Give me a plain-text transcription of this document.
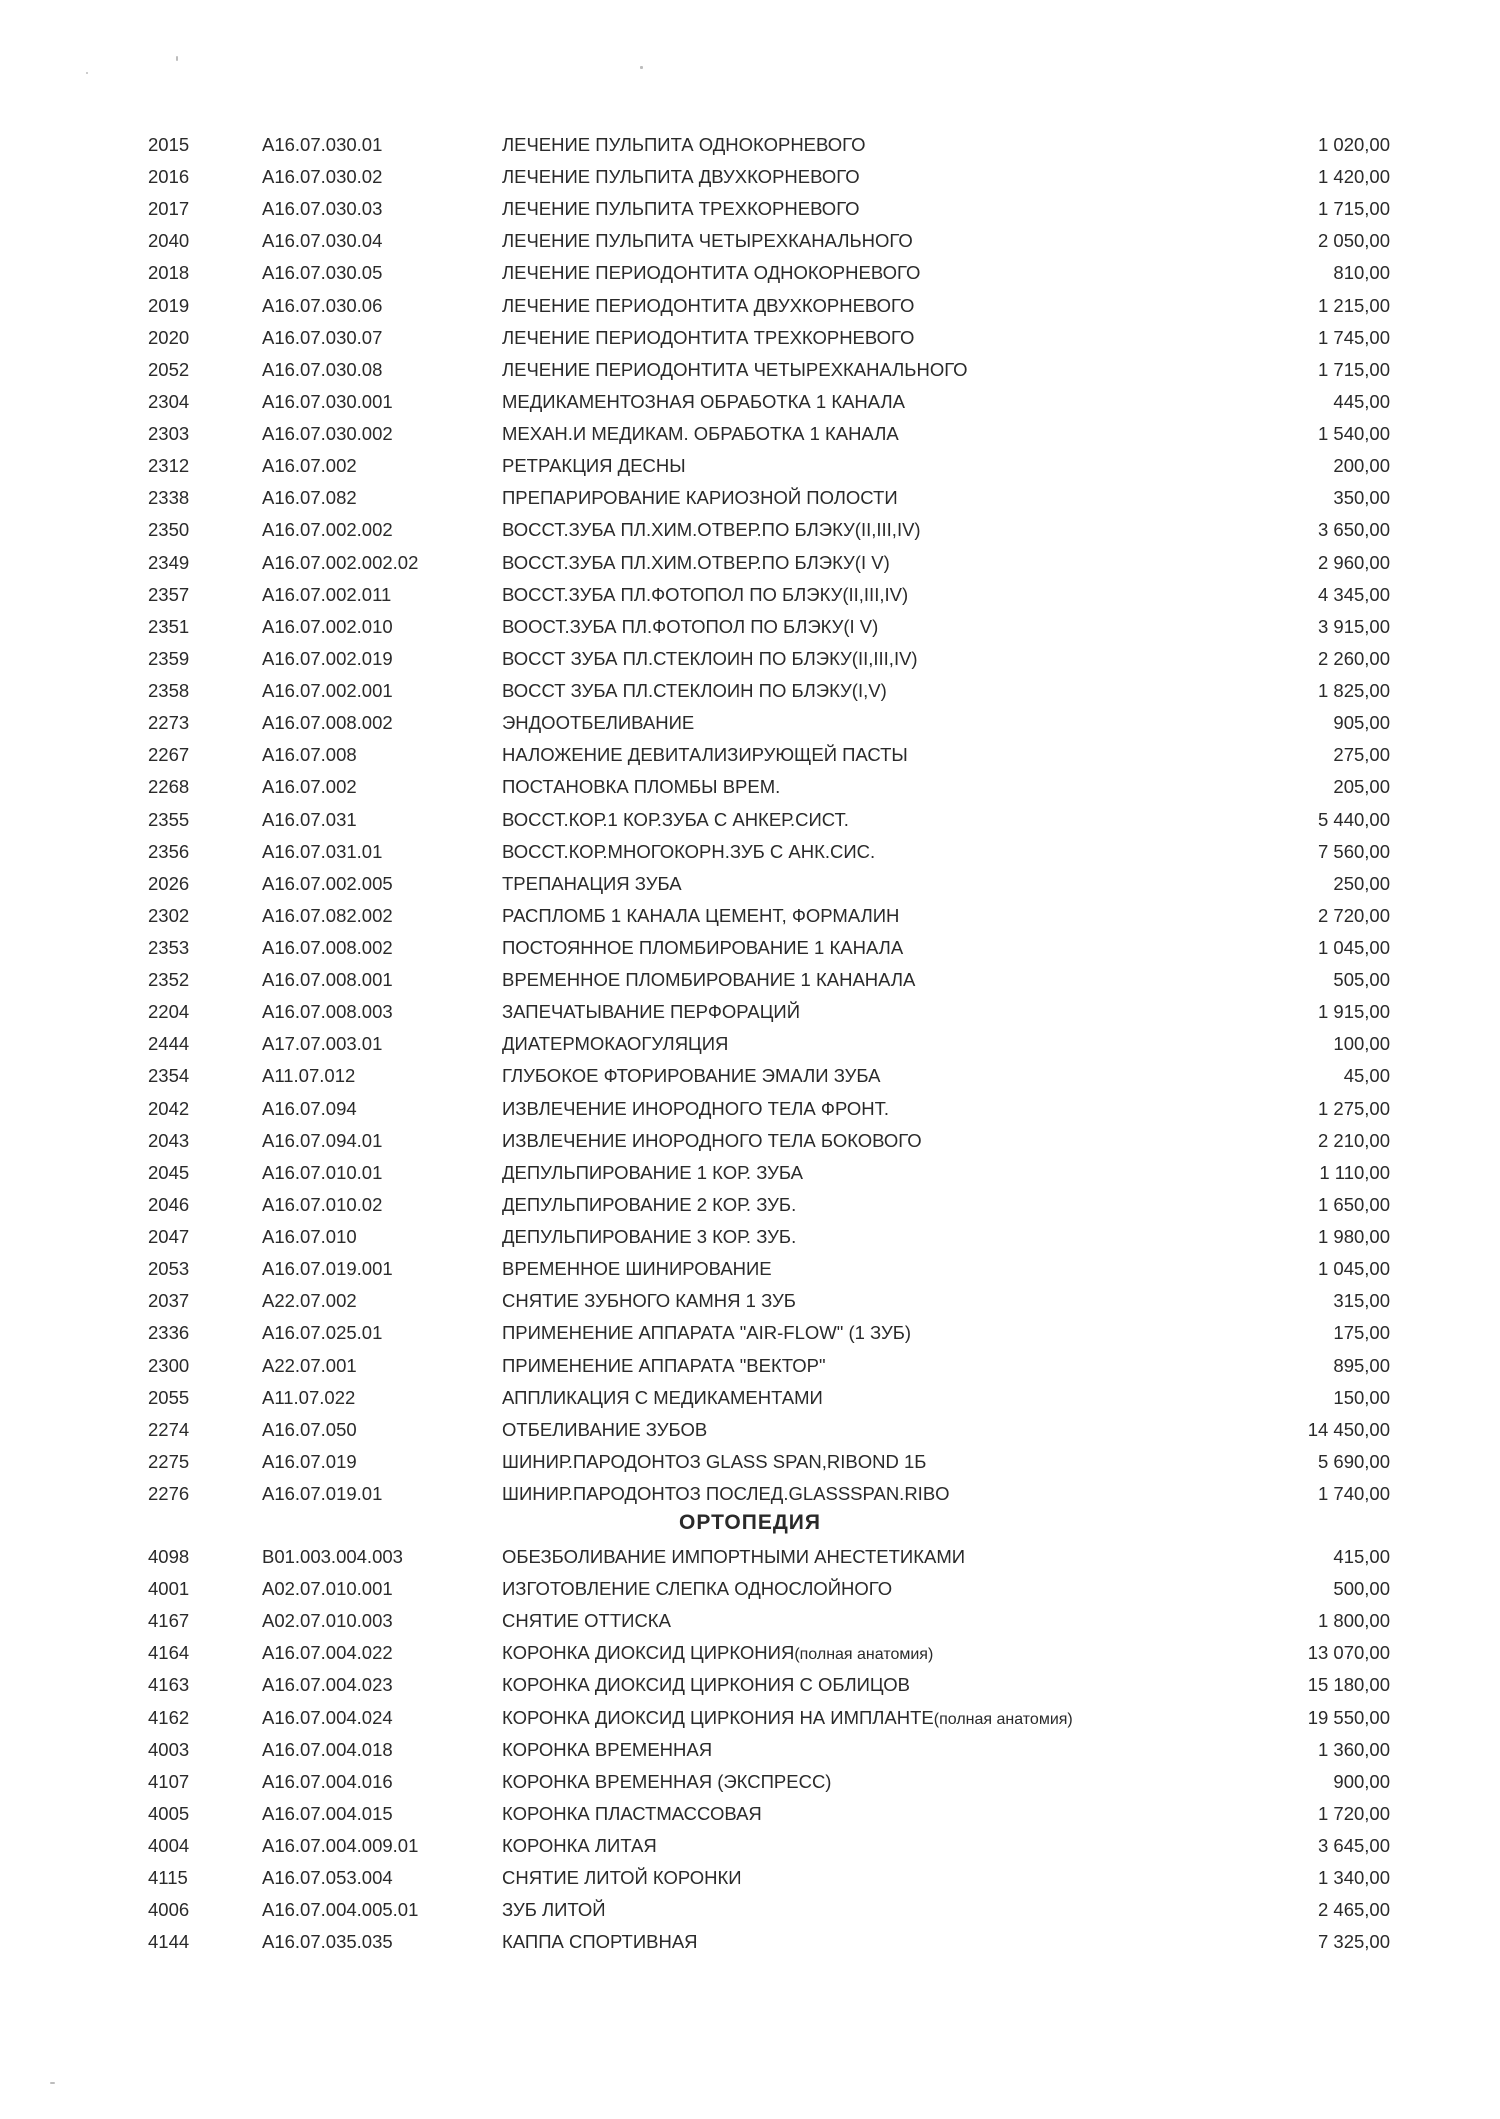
2015	A16.07.030.01	ЛЕЧЕНИЕ ПУЛЬПИТА ОДНОКОРНЕВОГО	1 020,00
2016	A16.07.030.02	ЛЕЧЕНИЕ ПУЛЬПИТА ДВУХКОРНЕВОГО	1 420,00
2017	A16.07.030.03	ЛЕЧЕНИЕ ПУЛЬПИТА ТРЕХКОРНЕВОГО	1 715,00
2040	A16.07.030.04	ЛЕЧЕНИЕ ПУЛЬПИТА ЧЕТЫРЕХКАНАЛЬНОГО	2 050,00
2018	A16.07.030.05	ЛЕЧЕНИЕ ПЕРИОДОНТИТА ОДНОКОРНЕВОГО	810,00
2019	A16.07.030.06	ЛЕЧЕНИЕ ПЕРИОДОНТИТА ДВУХКОРНЕВОГО	1 215,00
2020	A16.07.030.07	ЛЕЧЕНИЕ ПЕРИОДОНТИТА ТРЕХКОРНЕВОГО	1 745,00
2052	A16.07.030.08	ЛЕЧЕНИЕ ПЕРИОДОНТИТА ЧЕТЫРЕХКАНАЛЬНОГО	1 715,00
2304	A16.07.030.001	МЕДИКАМЕНТОЗНАЯ ОБРАБОТКА 1 КАНАЛА	445,00
2303	A16.07.030.002	МЕХАН.И МЕДИКАМ. ОБРАБОТКА 1 КАНАЛА	1 540,00
2312	A16.07.002	РЕТРАКЦИЯ ДЕСНЫ	200,00
2338	A16.07.082	ПРЕПАРИРОВАНИЕ КАРИОЗНОЙ ПОЛОСТИ	350,00
2350	A16.07.002.002	ВОССТ.ЗУБА ПЛ.ХИМ.ОТВЕР.ПО БЛЭКУ(II,III,IV)	3 650,00
2349	A16.07.002.002.02	ВОССТ.ЗУБА ПЛ.ХИМ.ОТВЕР.ПО БЛЭКУ(I V)	2 960,00
2357	A16.07.002.011	ВОССТ.ЗУБА ПЛ.ФОТОПОЛ ПО БЛЭКУ(II,III,IV)	4 345,00
2351	A16.07.002.010	ВООСТ.ЗУБА ПЛ.ФОТОПОЛ ПО БЛЭКУ(I V)	3 915,00
2359	A16.07.002.019	ВОССТ ЗУБА ПЛ.СТЕКЛОИН ПО БЛЭКУ(II,III,IV)	2 260,00
2358	A16.07.002.001	ВОССТ ЗУБА ПЛ.СТЕКЛОИН ПО БЛЭКУ(I,V)	1 825,00
2273	A16.07.008.002	ЭНДООТБЕЛИВАНИЕ	905,00
2267	A16.07.008	НАЛОЖЕНИЕ ДЕВИТАЛИЗИРУЮЩЕЙ ПАСТЫ	275,00
2268	A16.07.002	ПОСТАНОВКА ПЛОМБЫ ВРЕМ.	205,00
2355	A16.07.031	ВОССТ.КОР.1 КОР.ЗУБА С АНКЕР.СИСТ.	5 440,00
2356	A16.07.031.01	ВОССТ.КОР.МНОГОКОРН.ЗУБ С АНК.СИС.	7 560,00
2026	A16.07.002.005	ТРЕПАНАЦИЯ ЗУБА	250,00
2302	A16.07.082.002	РАСПЛОМБ 1 КАНАЛА ЦЕМЕНТ, ФОРМАЛИН	2 720,00
2353	A16.07.008.002	ПОСТОЯННОЕ ПЛОМБИРОВАНИЕ 1 КАНАЛА	1 045,00
2352	A16.07.008.001	ВРЕМЕННОЕ ПЛОМБИРОВАНИЕ 1 КАНАНАЛА	505,00
2204	A16.07.008.003	ЗАПЕЧАТЫВАНИЕ ПЕРФОРАЦИЙ	1 915,00
2444	A17.07.003.01	ДИАТЕРМОКАОГУЛЯЦИЯ	100,00
2354	A11.07.012	ГЛУБОКОЕ ФТОРИРОВАНИЕ ЭМАЛИ ЗУБА	45,00
2042	A16.07.094	ИЗВЛЕЧЕНИЕ ИНОРОДНОГО ТЕЛА ФРОНТ.	1 275,00
2043	A16.07.094.01	ИЗВЛЕЧЕНИЕ ИНОРОДНОГО ТЕЛА БОКОВОГО	2 210,00
2045	A16.07.010.01	ДЕПУЛЬПИРОВАНИЕ 1 КОР. ЗУБА	1 110,00
2046	A16.07.010.02	ДЕПУЛЬПИРОВАНИЕ 2 КОР. ЗУБ.	1 650,00
2047	A16.07.010	ДЕПУЛЬПИРОВАНИЕ 3 КОР. ЗУБ.	1 980,00
2053	A16.07.019.001	ВРЕМЕННОЕ ШИНИРОВАНИЕ	1 045,00
2037	A22.07.002	СНЯТИЕ ЗУБНОГО КАМНЯ 1 ЗУБ	315,00
2336	A16.07.025.01	ПРИМЕНЕНИЕ АППАРАТА "AIR-FLOW" (1 ЗУБ)	175,00
2300	A22.07.001	ПРИМЕНЕНИЕ АППАРАТА "ВЕКТОР"	895,00
2055	A11.07.022	АППЛИКАЦИЯ С МЕДИКАМЕНТАМИ	150,00
2274	A16.07.050	ОТБЕЛИВАНИЕ ЗУБОВ	14 450,00
2275	A16.07.019	ШИНИР.ПАРОДОНТОЗ GLASS SPAN,RIBOND 1Б	5 690,00
2276	A16.07.019.01	ШИНИР.ПАРОДОНТОЗ ПОСЛЕД.GLASSSPAN.RIBO	1 740,00
ОРТОПЕДИЯ
4098	B01.003.004.003	ОБЕЗБОЛИВАНИЕ ИМПОРТНЫМИ АНЕСТЕТИКАМИ	415,00
4001	A02.07.010.001	ИЗГОТОВЛЕНИЕ СЛЕПКА ОДНОСЛОЙНОГО	500,00
4167	A02.07.010.003	СНЯТИЕ ОТТИСКА	1 800,00
4164	A16.07.004.022	КОРОНКА ДИОКСИД ЦИРКОНИЯ(полная анатомия)	13 070,00
4163	A16.07.004.023	КОРОНКА ДИОКСИД ЦИРКОНИЯ С ОБЛИЦОВ	15 180,00
4162	A16.07.004.024	КОРОНКА ДИОКСИД ЦИРКОНИЯ НА ИМПЛАНТЕ(полная анатомия)	19 550,00
4003	A16.07.004.018	КОРОНКА ВРЕМЕННАЯ	1 360,00
4107	A16.07.004.016	КОРОНКА ВРЕМЕННАЯ (ЭКСПРЕСС)	900,00
4005	A16.07.004.015	КОРОНКА ПЛАСТМАССОВАЯ	1 720,00
4004	A16.07.004.009.01	КОРОНКА ЛИТАЯ	3 645,00
4115	A16.07.053.004	СНЯТИЕ ЛИТОЙ КОРОНКИ	1 340,00
4006	A16.07.004.005.01	ЗУБ ЛИТОЙ	2 465,00
4144	A16.07.035.035	КАППА СПОРТИВНАЯ	7 325,00
